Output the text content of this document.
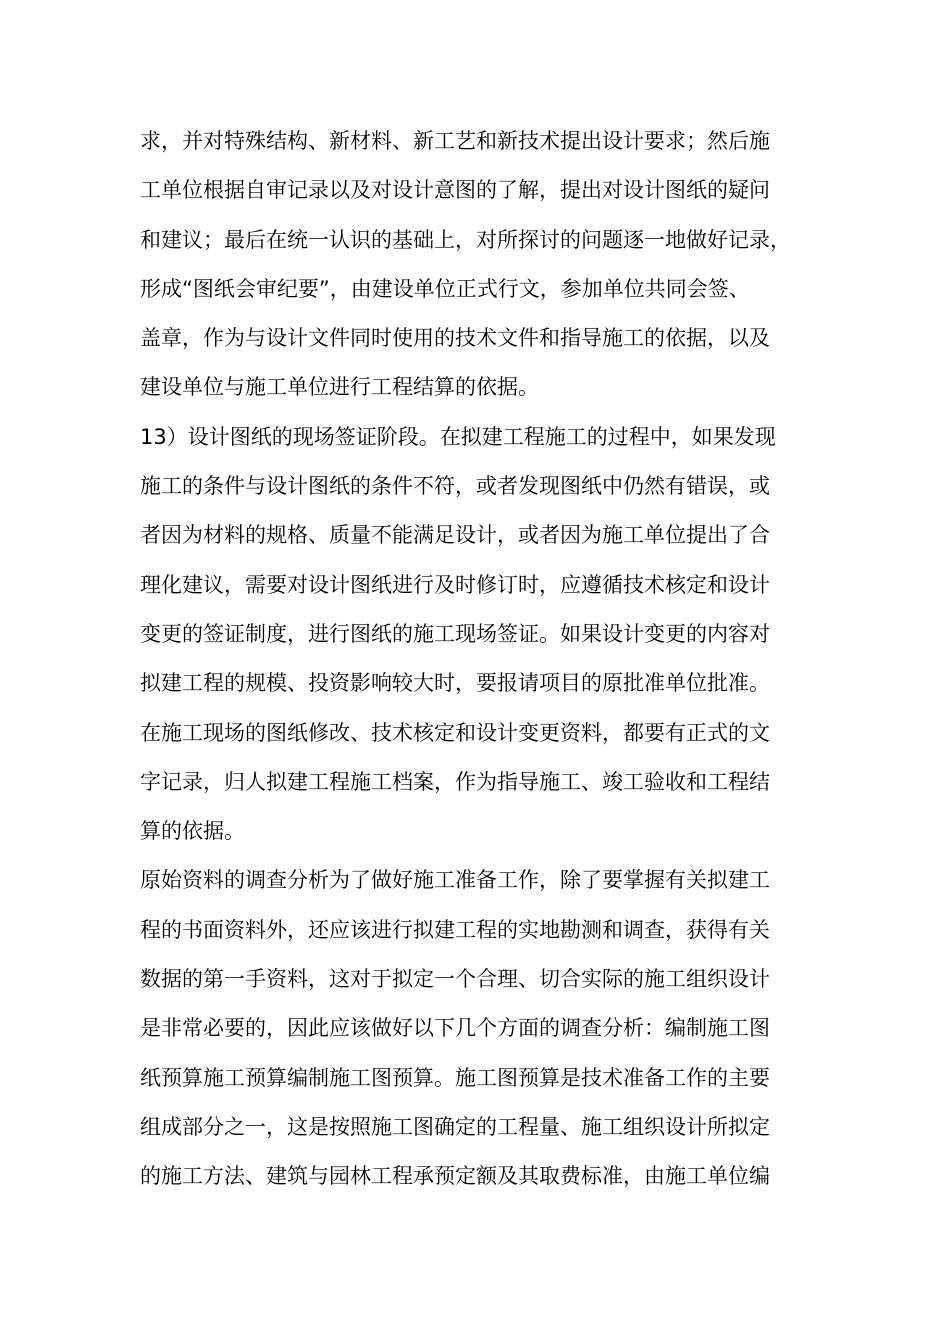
求，并对特殊结构、新材料、新工艺和新技术提出设计要求；然后施
工单位根据自审记录以及对设计意图的了解，提出对设计图纸的疑问
和建议；最后在统一认识的基础上，对所探讨的问题逐一地做好记录，
形成“图纸会审纪要”，由建设单位正式行文，参加单位共同会签、
盖章，作为与设计文件同时使用的技术文件和指导施工的依据，以及
建设单位与施工单位进行工程结算的依据。
13）设计图纸的现场签证阶段。在拟建工程施工的过程中，如果发现
施工的条件与设计图纸的条件不符，或者发现图纸中仍然有错误，或
者因为材料的规格、质量不能满足设计，或者因为施工单位提出了合
理化建议，需要对设计图纸进行及时修订时，应遵循技术核定和设计
变更的签证制度，进行图纸的施工现场签证。如果设计变更的内容对
拟建工程的规模、投资影响较大时，要报请项目的原批准单位批准。
在施工现场的图纸修改、技术核定和设计变更资料，都要有正式的文
字记录，归人拟建工程施工档案，作为指导施工、竣工验收和工程结
算的依据。
原始资料的调查分析为了做好施工准备工作，除了要掌握有关拟建工
程的书面资料外，还应该进行拟建工程的实地勘测和调查，获得有关
数据的第一手资料，这对于拟定一个合理、切合实际的施工组织设计
是非常必要的，因此应该做好以下几个方面的调查分析：编制施工图
纸预算施工预算编制施工图预算。施工图预算是技术准备工作的主要
组成部分之一，这是按照施工图确定的工程量、施工组织设计所拟定
的施工方法、建筑与园林工程承预定额及其取费标准，由施工单位编
